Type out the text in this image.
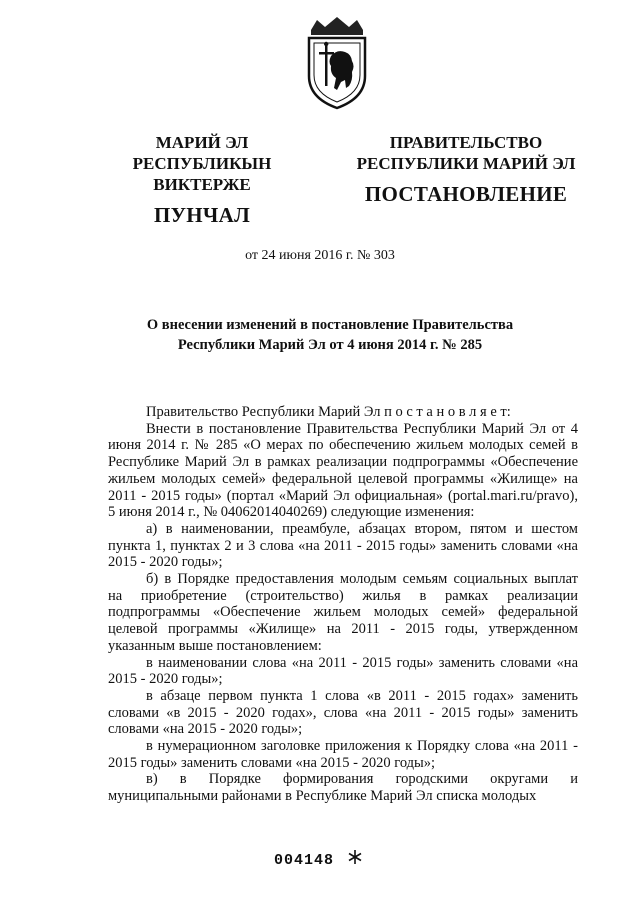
МАРИЙ ЭЛ РЕСПУБЛИКЫН
ВИКТЕРЖЕ
ПУНЧАЛ
ПРАВИТЕЛЬСТВО
РЕСПУБЛИКИ МАРИЙ ЭЛ
ПОСТАНОВЛЕНИЕ
от 24 июня 2016 г. № 303
О внесении изменений в постановление Правительства
Республики Марий Эл от 4 июня 2014 г. № 285

Правительство Республики Марий Эл п о с т а н о в л я е т:

Внести в постановление Правительства Республики Марий Эл от 4 июня 2014 г. № 285 «О мерах по обеспечению жильем молодых семей в Республике Марий Эл в рамках реализации подпрограммы «Обеспечение жильем молодых семей» федеральной целевой программы «Жилище» на 2011 - 2015 годы» (портал «Марий Эл официальная» (portal.mari.ru/pravo), 5 июня 2014 г., № 04062014040269) следующие изменения:

а) в наименовании, преамбуле, абзацах втором, пятом и шестом пункта 1, пунктах 2 и 3 слова «на 2011 - 2015 годы» заменить словами «на 2015 - 2020 годы»;

б) в Порядке предоставления молодым семьям социальных выплат на приобретение (строительство) жилья в рамках реализации подпрограммы «Обеспечение жильем молодых семей» федеральной целевой программы «Жилище» на 2011 - 2015 годы, утвержденном указанным выше постановлением:

в наименовании слова «на 2011 - 2015 годы» заменить словами «на 2015 - 2020 годы»;

в абзаце первом пункта 1 слова «в 2011 - 2015 годах» заменить словами «в 2015 - 2020 годах», слова «на 2011 - 2015 годы» заменить словами «на 2015 - 2020 годы»;

в нумерационном заголовке приложения к Порядку слова «на 2011 - 2015 годы» заменить словами «на 2015 - 2020 годы»;

в) в Порядке формирования городскими округами и муниципальными районами в Республике Марий Эл списка молодых

004148
